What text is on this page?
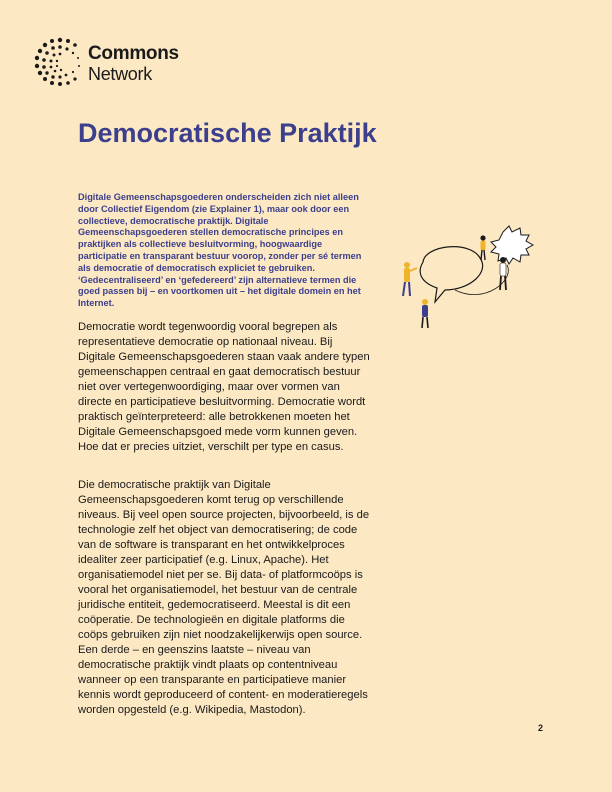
Commons
Network
Democratische Praktijk

Digitale Gemeenschapsgoederen onderscheiden zich niet alleen door Collectief Eigendom (zie Explainer 1), maar ook door een collectieve, democratische praktijk. Digitale Gemeenschapsgoederen stellen democratische principes en praktijken als collectieve besluitvorming, hoogwaardige participatie en transparant bestuur voorop, zonder per sé termen als democratie of democratisch expliciet te gebruiken. ‘Gedecentraliseerd’ en ‘gefedereerd’ zijn alternatieve termen die goed passen bij – en voortkomen uit – het digitale domein en het Internet.

Democratie wordt tegenwoordig vooral begrepen als representatieve democratie op nationaal niveau. Bij Digitale Gemeenschapsgoederen staan vaak andere typen gemeenschappen centraal en gaat democratisch bestuur niet over vertegenwoordiging, maar over vormen van directe en participatieve besluitvorming. Democratie wordt praktisch geïnterpreteerd: alle betrokkenen moeten het Digitale Gemeenschapsgoed mede vorm kunnen geven. Hoe dat er precies uitziet, verschilt per type en casus.

Die democratische praktijk van Digitale Gemeenschapsgoederen komt terug op verschillende niveaus. Bij veel open source projecten, bijvoorbeeld, is de technologie zelf het object van democratisering; de code van de software is transparant en het ontwikkelproces idealiter zeer participatief (e.g. Linux, Apache). Het organisatiemodel niet per se. Bij data- of platformcoöps is vooral het organisatiemodel, het bestuur van de centrale juridische entiteit, gedemocratiseerd. Meestal is dit een coöperatie. De technologieën en digitale platforms die coöps gebruiken zijn niet noodzakelijkerwijs open source. Een derde – en geenszins laatste – niveau van democratische praktijk vindt plaats op contentniveau wanneer op een transparante en participatieve manier kennis wordt geproduceerd of content- en moderatieregels worden opgesteld (e.g. Wikipedia, Mastodon).

2
